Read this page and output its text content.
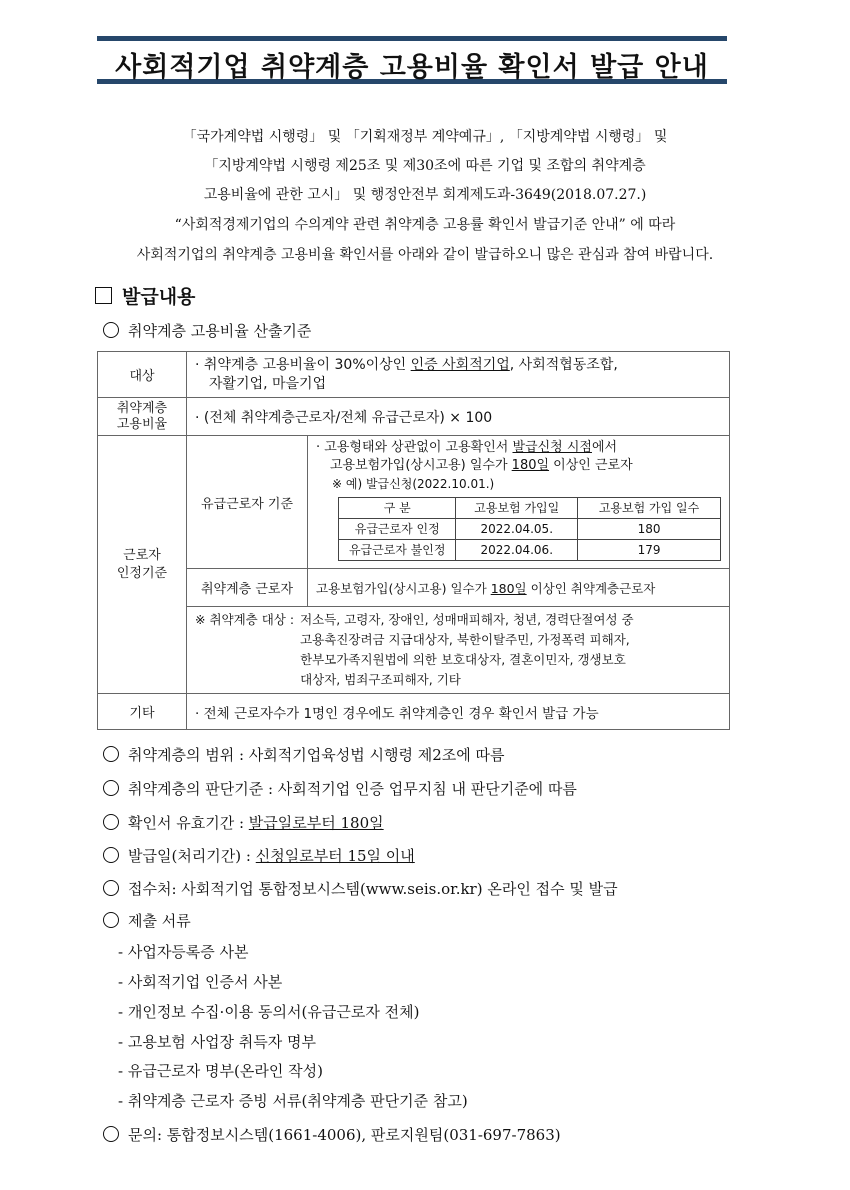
사회적기업 취약계층 고용비율 확인서 발급 안내
「국가계약법 시행령」 및 「기획재정부 계약예규」, 「지방계약법 시행령」 및
「지방계약법 시행령 제25조 및 제30조에 따른 기업 및 조합의 취약계층
고용비율에 관한 고시」 및 행정안전부 회계제도과-3649(2018.07.27.)
“사회적경제기업의 수의계약 관련 취약계층 고용률 확인서 발급기준 안내” 에 따라
사회적기업의 취약계층 고용비율 확인서를 아래와 같이 발급하오니 많은 관심과 참여 바랍니다.
발급내용
취약계층 고용비율 산출기준
대상	· 취약계층 고용비율이 30%이상인 인증 사회적기업, 사회적협동조합,
자활기업, 마을기업
취약계층
고용비율	· (전체 취약계층근로자/전체 유급근로자) × 100
근로자
인정기준	유급근로자 기준	
· 고용형태와 상관없이 고용확인서 발급신청 시점에서
고용보험가입(상시고용) 일수가 180일 이상인 근로자
※ 예) 발급신청(2022.10.01.)
구 분	고용보험 가입일	고용보험 가입 일수
유급근로자 인정	2022.04.05.	180
유급근로자 불인정	2022.04.06.	179

취약계층 근로자	고용보험가입(상시고용) 일수가 180일 이상인 취약계층근로자

※ 취약계층 대상 : 저소득, 고령자, 장애인, 성매매피해자, 청년, 경력단절여성 중
고용촉진장려금 지급대상자, 북한이탈주민, 가정폭력 피해자,
한부모가족지원법에 의한 보호대상자, 결혼이민자, 갱생보호
대상자, 범죄구조피해자, 기타

기타	· 전체 근로자수가 1명인 경우에도 취약계층인 경우 확인서 발급 가능
취약계층의 범위 : 사회적기업육성법 시행령 제2조에 따름
취약계층의 판단기준 : 사회적기업 인증 업무지침 내 판단기준에 따름
확인서 유효기간 : 발급일로부터 180일
발급일(처리기간) : 신청일로부터 15일 이내
접수처: 사회적기업 통합정보시스템(www.seis.or.kr) 온라인 접수 및 발급
제출 서류
- 사업자등록증 사본
- 사회적기업 인증서 사본
- 개인정보 수집·이용 동의서(유급근로자 전체)
- 고용보험 사업장 취득자 명부
- 유급근로자 명부(온라인 작성)
- 취약계층 근로자 증빙 서류(취약계층 판단기준 참고)
문의: 통합정보시스템(1661-4006), 판로지원팀(031-697-7863)
